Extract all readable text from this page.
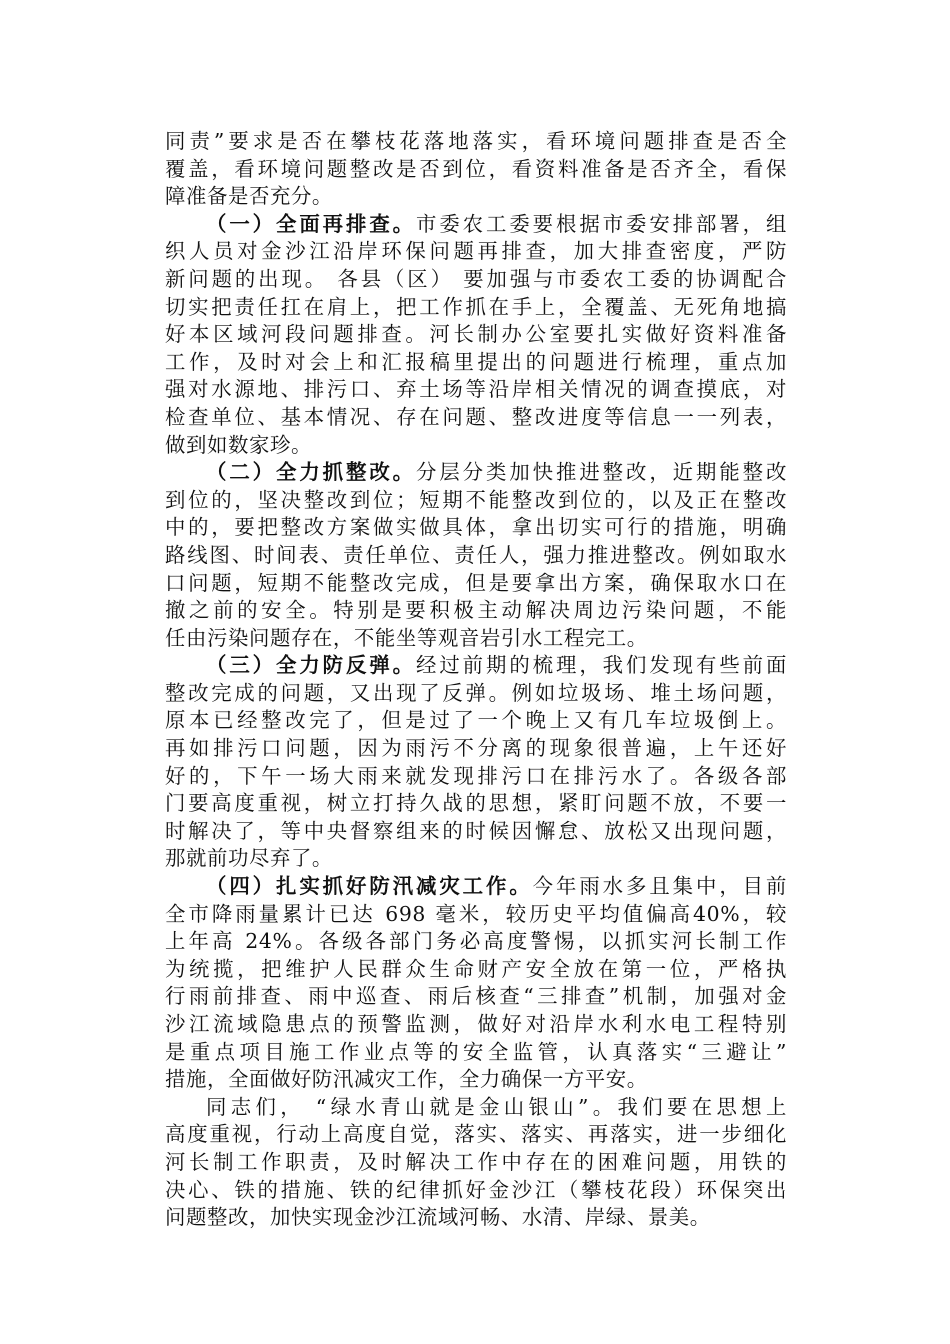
同责”要求是否在攀枝花落地落实，看环境问题排查是否全
覆盖，看环境问题整改是否到位，看资料准备是否齐全，看保
障准备是否充分。
（一）全面再排查。市委农工委要根据市委安排部署，组
织人员对金沙江沿岸环保问题再排查，加大排查密度，严防
新问题的出现。 各县（区） 要加强与市委农工委的协调配合
切实把责任扛在肩上，把工作抓在手上，全覆盖、无死角地搞
好本区域河段问题排查。河长制办公室要扎实做好资料准备
工作，及时对会上和汇报稿里提出的问题进行梳理，重点加
强对水源地、排污口、弃土场等沿岸相关情况的调查摸底，对
检查单位、基本情况、存在问题、整改进度等信息一一列表，
做到如数家珍。
（二）全力抓整改。分层分类加快推进整改，近期能整改
到位的，坚决整改到位；短期不能整改到位的，以及正在整改
中的，要把整改方案做实做具体，拿出切实可行的措施，明确
路线图、时间表、责任单位、责任人，强力推进整改。例如取水
口问题，短期不能整改完成，但是要拿出方案，确保取水口在
撤之前的安全。特别是要积极主动解决周边污染问题，不能
任由污染问题存在，不能坐等观音岩引水工程完工。
（三）全力防反弹。经过前期的梳理，我们发现有些前面
整改完成的问题，又出现了反弹。例如垃圾场、堆土场问题，
原本已经整改完了，但是过了一个晚上又有几车垃圾倒上。
再如排污口问题，因为雨污不分离的现象很普遍，上午还好
好的，下午一场大雨来就发现排污口在排污水了。各级各部
门要高度重视，树立打持久战的思想，紧盯问题不放，不要一
时解决了，等中央督察组来的时候因懈怠、放松又出现问题，
那就前功尽弃了。
（四）扎实抓好防汛减灾工作。今年雨水多且集中，目前
全市降雨量累计已达 698 毫米，较历史平均值偏高40%，较
上年高 24%。各级各部门务必高度警惕，以抓实河长制工作
为统揽，把维护人民群众生命财产安全放在第一位，严格执
行雨前排查、雨中巡查、雨后核查“三排查”机制，加强对金
沙江流域隐患点的预警监测，做好对沿岸水利水电工程特别
是重点项目施工作业点等的安全监管，认真落实“三避让”
措施，全面做好防汛减灾工作，全力确保一方平安。
同志们， “绿水青山就是金山银山”。我们要在思想上
高度重视，行动上高度自觉，落实、落实、再落实，进一步细化
河长制工作职责，及时解决工作中存在的困难问题，用铁的
决心、铁的措施、铁的纪律抓好金沙江（攀枝花段）环保突出
问题整改，加快实现金沙江流域河畅、水清、岸绿、景美。
